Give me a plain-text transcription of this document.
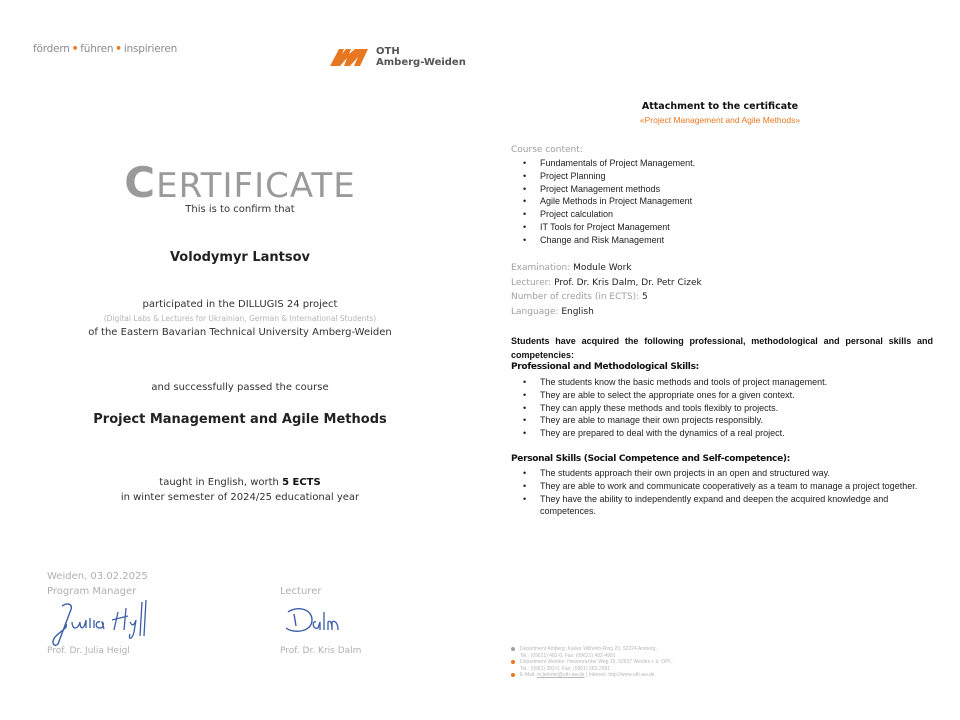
fördern • führen • inspirieren	OTH
Amberg-Weiden
CERTIFICATE
This is to confirm that
Volodymyr Lantsov
participated in the DILLUGIS 24 project
(Digital Labs & Lectures for Ukrainian, German & International Students)
of the Eastern Bavarian Technical University Amberg-Weiden
and successfully passed the course
Project Management and Agile Methods
taught in English, worth 5 ECTS
in winter semester of 2024/25 educational year
Weiden, 03.02.2025
Program Manager
Prof. Dr. Julia Heigl
Lecturer
Prof. Dr. Kris Dalm
Attachment to the certificate
«Project Management and Agile Methods»
Course content:
• Fundamentals of Project Management.
• Project Planning
• Project Management methods
• Agile Methods in Project Management
• Project calculation
• IT Tools for Project Management
• Change and Risk Management
Examination: Module Work
Lecturer: Prof. Dr. Kris Dalm, Dr. Petr Cizek
Number of credits (in ECTS): 5
Language: English
Students have acquired the following professional, methodological and personal skills and competencies:
Professional and Methodological Skills:
• The students know the basic methods and tools of project management.
• They are able to select the appropriate ones for a given context.
• They can apply these methods and tools flexibly to projects.
• They are able to manage their own projects responsibly.
• They are prepared to deal with the dynamics of a real project.
Personal Skills (Social Competence and Self-competence):
• The students approach their own projects in an open and structured way.
• They are able to work and communicate cooperatively as a team to manage a project together.
• They have the ability to independently expand and deepen the acquired knowledge and competences.
Department Amberg: Kaiser-Wilhelm-Ring 23, 92224 Amberg,
Tel.: (09621) 482-0, Fax: (09621) 482-4991
Department Weiden: Hetzenrichter Weg 15, 92637 Weiden i. d. OPf.,
Tel.: (0961) 382-0, Fax: (0961) 382-2991
E-Mail: m.behom@oth-aw.de | Internet: http://www.oth-aw.de
